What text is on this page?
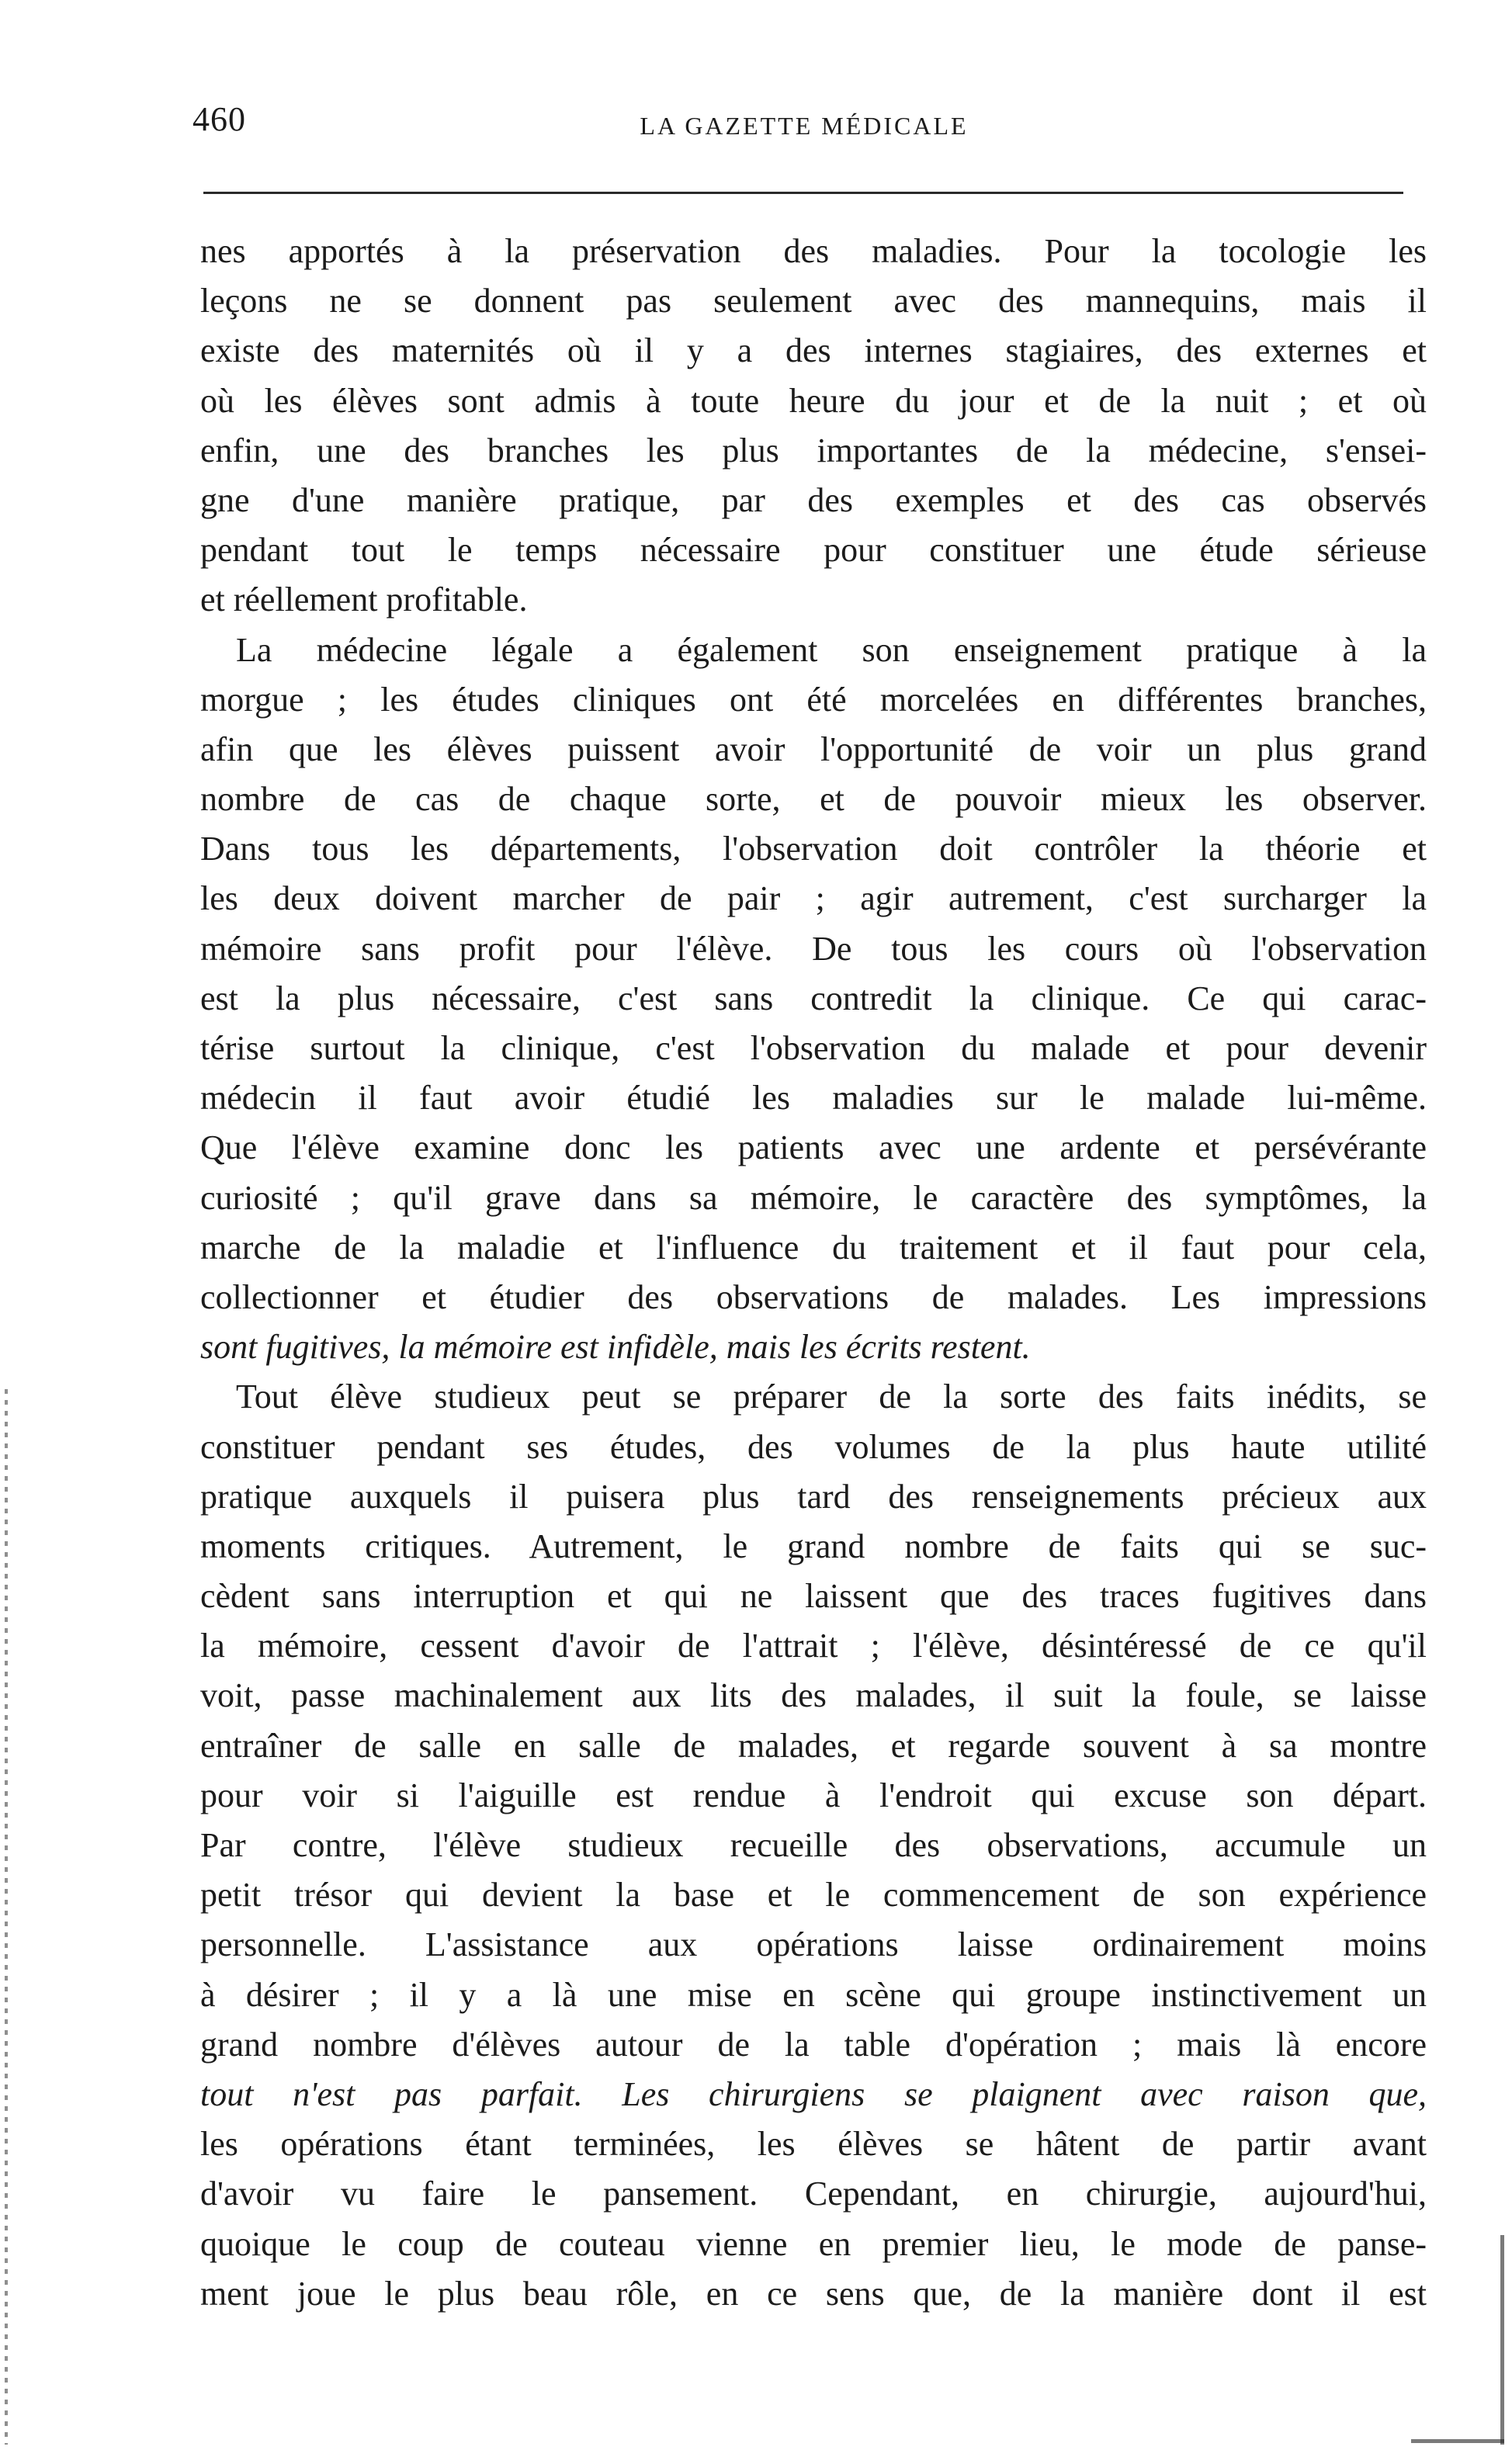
460	LA GAZETTE MÉDICALE
nes apportés à la préservation des maladies. Pour la tocologie les
leçons ne se donnent pas seulement avec des mannequins, mais il
existe des maternités où il y a des internes stagiaires, des externes et
où les élèves sont admis à toute heure du jour et de la nuit ; et où
enfin, une des branches les plus importantes de la médecine, s'ensei-
gne d'une manière pratique, par des exemples et des cas observés
pendant tout le temps nécessaire pour constituer une étude sérieuse
et réellement profitable.
La médecine légale a également son enseignement pratique à la
morgue ; les études cliniques ont été morcelées en différentes branches,
afin que les élèves puissent avoir l'opportunité de voir un plus grand
nombre de cas de chaque sorte, et de pouvoir mieux les observer.
Dans tous les départements, l'observation doit contrôler la théorie et
les deux doivent marcher de pair ; agir autrement, c'est surcharger la
mémoire sans profit pour l'élève. De tous les cours où l'observation
est la plus nécessaire, c'est sans contredit la clinique. Ce qui carac-
térise surtout la clinique, c'est l'observation du malade et pour devenir
médecin il faut avoir étudié les maladies sur le malade lui-même.
Que l'élève examine donc les patients avec une ardente et persévérante
curiosité ; qu'il grave dans sa mémoire, le caractère des symptômes, la
marche de la maladie et l'influence du traitement et il faut pour cela,
collectionner et étudier des observations de malades. Les impressions
sont fugitives, la mémoire est infidèle, mais les écrits restent.
Tout élève studieux peut se préparer de la sorte des faits inédits, se
constituer pendant ses études, des volumes de la plus haute utilité
pratique auxquels il puisera plus tard des renseignements précieux aux
moments critiques. Autrement, le grand nombre de faits qui se suc-
cèdent sans interruption et qui ne laissent que des traces fugitives dans
la mémoire, cessent d'avoir de l'attrait ; l'élève, désintéressé de ce qu'il
voit, passe machinalement aux lits des malades, il suit la foule, se laisse
entraîner de salle en salle de malades, et regarde souvent à sa montre
pour voir si l'aiguille est rendue à l'endroit qui excuse son départ.
Par contre, l'élève studieux recueille des observations, accumule un
petit trésor qui devient la base et le commencement de son expérience
personnelle. L'assistance aux opérations laisse ordinairement moins
à désirer ; il y a là une mise en scène qui groupe instinctivement un
grand nombre d'élèves autour de la table d'opération ; mais là encore
tout n'est pas parfait. Les chirurgiens se plaignent avec raison que,
les opérations étant terminées, les élèves se hâtent de partir avant
d'avoir vu faire le pansement. Cependant, en chirurgie, aujourd'hui,
quoique le coup de couteau vienne en premier lieu, le mode de panse-
ment joue le plus beau rôle, en ce sens que, de la manière dont il est
